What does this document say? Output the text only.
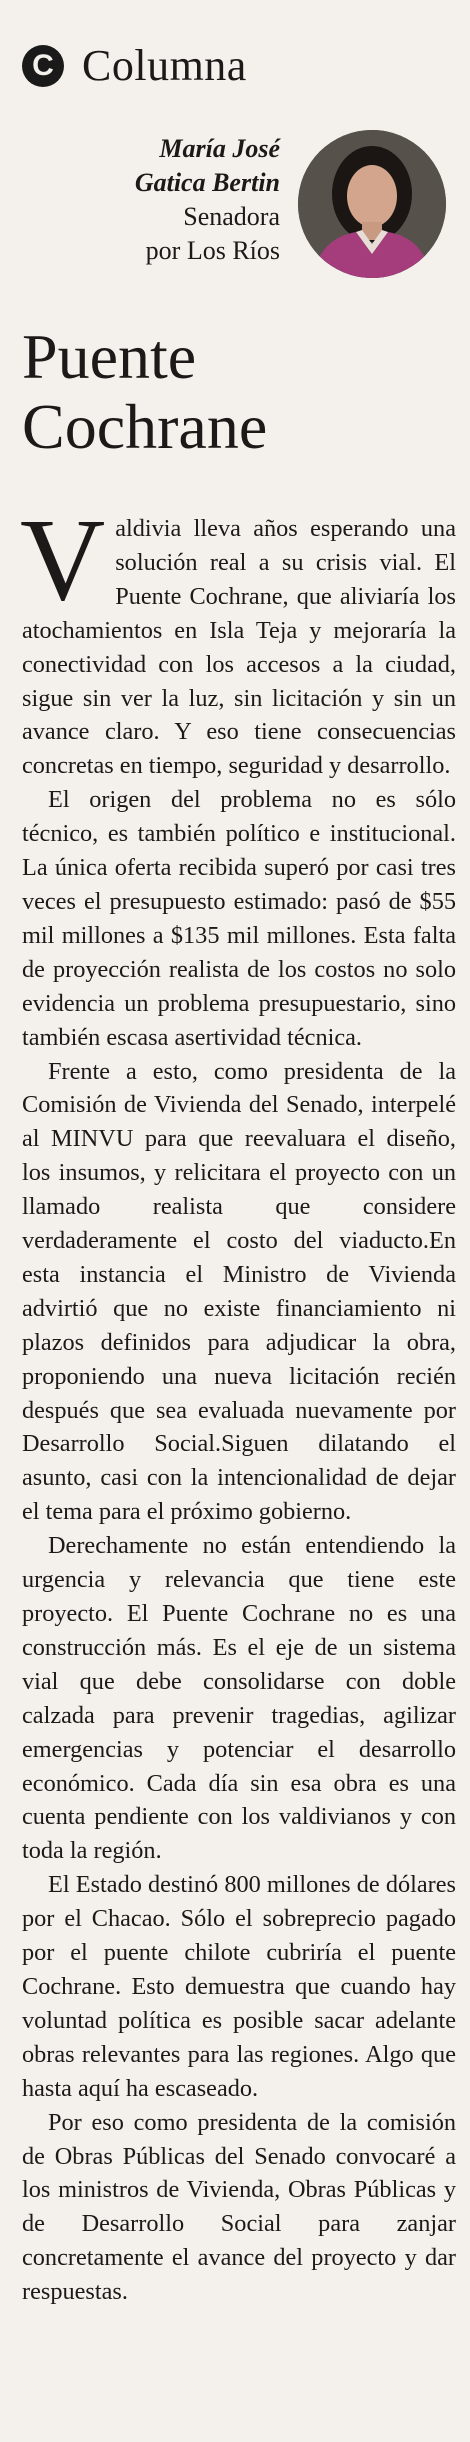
C Columna
María José
Gatica Bertin
Senadora
por Los Ríos
Puente
Cochrane

Valdivia lleva años esperando una solución real a su crisis vial. El Puente Cochrane, que aliviaría los atochamientos en Isla Teja y mejoraría la conectividad con los accesos a la ciudad, sigue sin ver la luz, sin licitación y sin un avance claro. Y eso tiene consecuencias concretas en tiempo, seguridad y desarrollo.

El origen del problema no es sólo técnico, es también político e institucional. La única oferta recibida superó por casi tres veces el presupuesto estimado: pasó de $55 mil millones a $135 mil millones. Esta falta de proyección realista de los costos no solo evidencia un problema presupuestario, sino también escasa asertividad técnica.

Frente a esto, como presidenta de la Comisión de Vivienda del Senado, interpelé al MINVU para que reevaluara el diseño, los insumos, y relicitara el proyecto con un llamado realista que considere verdaderamente el costo del viaducto.En esta instancia el Ministro de Vivienda advirtió que no existe financiamiento ni plazos definidos para adjudicar la obra, proponiendo una nueva licitación recién después que sea evaluada nuevamente por Desarrollo Social.Siguen dilatando el asunto, casi con la intencionalidad de dejar el tema para el próximo gobierno.

Derechamente no están entendiendo la urgencia y relevancia que tiene este proyecto. El Puente Cochrane no es una construcción más. Es el eje de un sistema vial que debe consolidarse con doble calzada para prevenir tragedias, agilizar emergencias y potenciar el desarrollo económico. Cada día sin esa obra es una cuenta pendiente con los valdivianos y con toda la región.

El Estado destinó 800 millones de dólares por el Chacao. Sólo el sobreprecio pagado por el puente chilote cubriría el puente Cochrane. Esto demuestra que cuando hay voluntad política es posible sacar adelante obras relevantes para las regiones. Algo que hasta aquí ha escaseado.

Por eso como presidenta de la comisión de Obras Públicas del Senado convocaré a los ministros de Vivienda, Obras Públicas y de Desarrollo Social para zanjar concretamente el avance del proyecto y dar respuestas.
